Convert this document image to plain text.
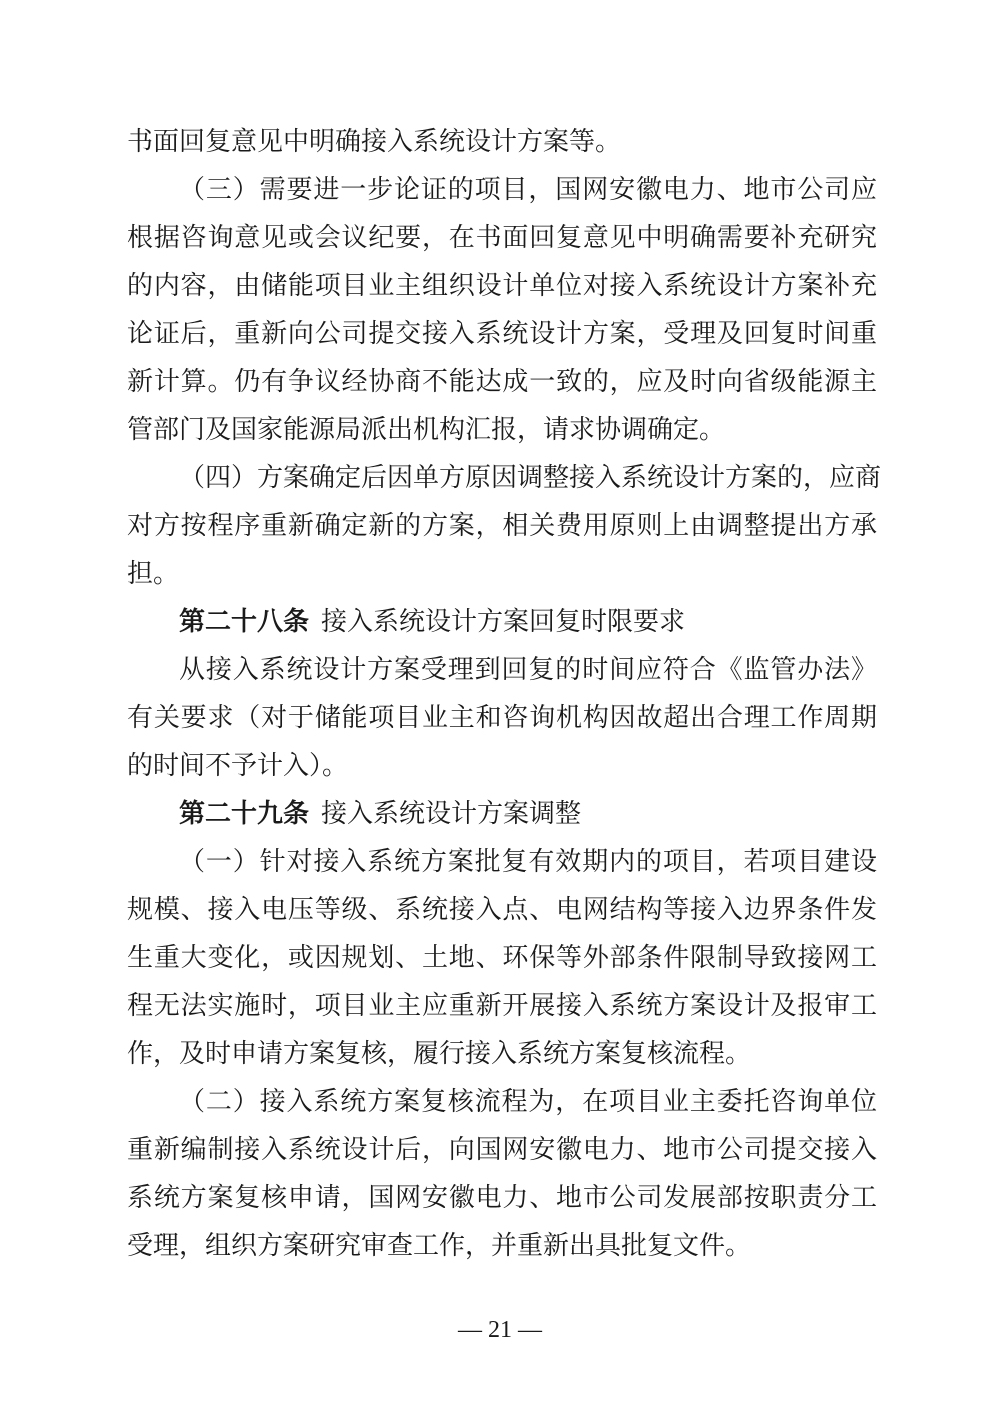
书面回复意见中明确接入系统设计方案等。
（三）需要进一步论证的项目，国网安徽电力、地市公司应
根据咨询意见或会议纪要，在书面回复意见中明确需要补充研究
的内容，由储能项目业主组织设计单位对接入系统设计方案补充
论证后，重新向公司提交接入系统设计方案，受理及回复时间重
新计算。仍有争议经协商不能达成一致的，应及时向省级能源主
管部门及国家能源局派出机构汇报，请求协调确定。
（四）方案确定后因单方原因调整接入系统设计方案的，应商
对方按程序重新确定新的方案，相关费用原则上由调整提出方承
担。
第二十八条 接入系统设计方案回复时限要求
从接入系统设计方案受理到回复的时间应符合《监管办法》
有关要求（对于储能项目业主和咨询机构因故超出合理工作周期
的时间不予计入）。
第二十九条 接入系统设计方案调整
（一）针对接入系统方案批复有效期内的项目，若项目建设
规模、接入电压等级、系统接入点、电网结构等接入边界条件发
生重大变化，或因规划、土地、环保等外部条件限制导致接网工
程无法实施时，项目业主应重新开展接入系统方案设计及报审工
作，及时申请方案复核，履行接入系统方案复核流程。
（二）接入系统方案复核流程为，在项目业主委托咨询单位
重新编制接入系统设计后，向国网安徽电力、地市公司提交接入
系统方案复核申请，国网安徽电力、地市公司发展部按职责分工
受理，组织方案研究审查工作，并重新出具批复文件。
— 21 —
